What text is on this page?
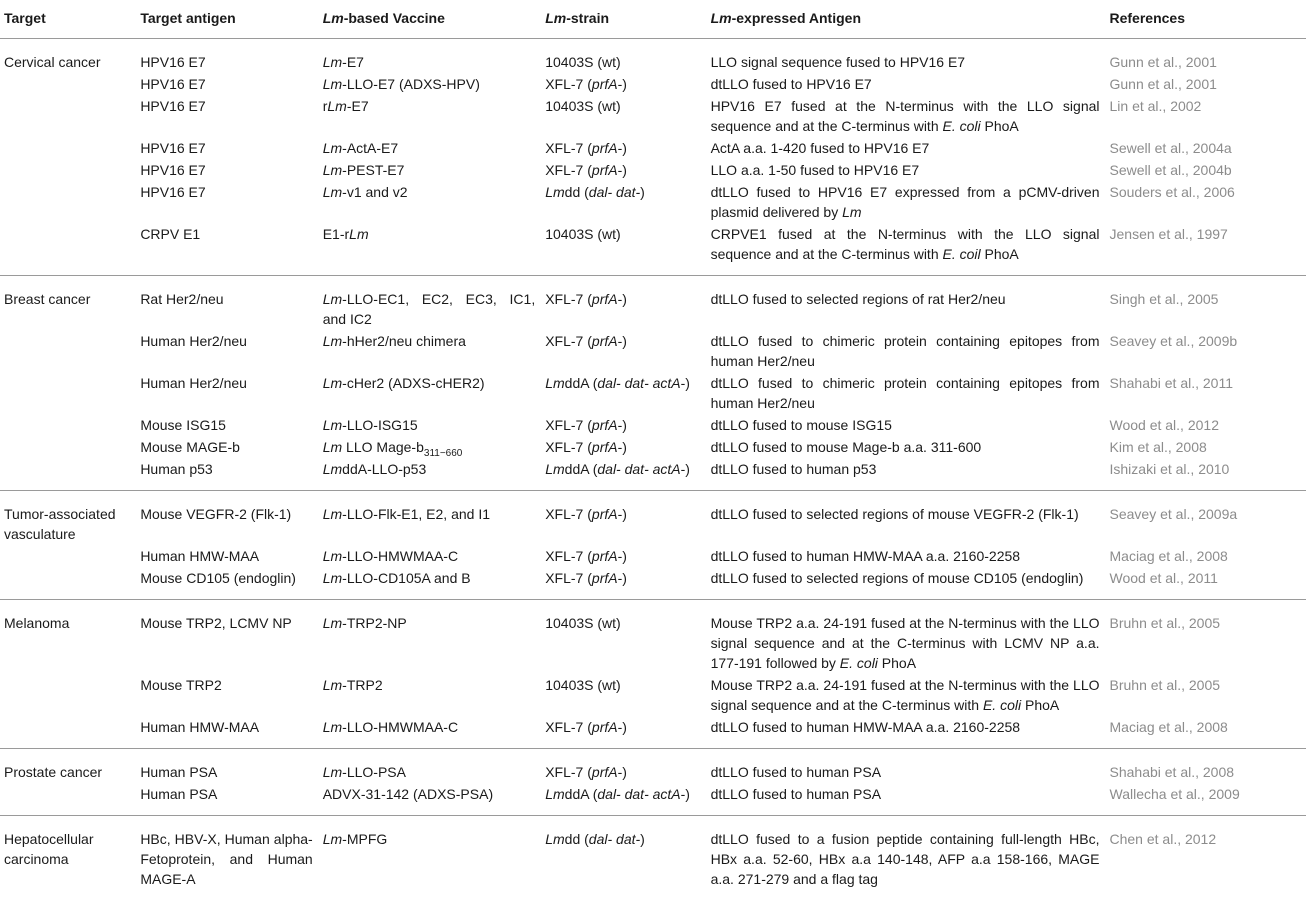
Target	Target antigen	Lm-based Vaccine	Lm-strain	Lm-expressed Antigen	References
Cervical cancer	HPV16 E7	Lm-E7	10403S (wt)	LLO signal sequence fused to HPV16 E7	Gunn et al., 2001
	HPV16 E7	Lm-LLO-E7 (ADXS-HPV)	XFL-7 (prfA-)	dtLLO fused to HPV16 E7	Gunn et al., 2001
	HPV16 E7	rLm-E7	10403S (wt)	HPV16 E7 fused at the N-terminus with the LLO signal sequence and at the C-terminus with E. coli PhoA	Lin et al., 2002
	HPV16 E7	Lm-ActA-E7	XFL-7 (prfA-)	ActA a.a. 1-420 fused to HPV16 E7	Sewell et al., 2004a
	HPV16 E7	Lm-PEST-E7	XFL-7 (prfA-)	LLO a.a. 1-50 fused to HPV16 E7	Sewell et al., 2004b
	HPV16 E7	Lm-v1 and v2	Lmdd (dal- dat-)	dtLLO fused to HPV16 E7 expressed from a pCMV-driven plasmid delivered by Lm	Souders et al., 2006
	CRPV E1	E1-rLm	10403S (wt)	CRPVE1 fused at the N-terminus with the LLO signal sequence and at the C-terminus with E. coil PhoA	Jensen et al., 1997
Breast cancer	Rat Her2/neu	Lm-LLO-EC1, EC2, EC3, IC1, and IC2	XFL-7 (prfA-)	dtLLO fused to selected regions of rat Her2/neu	Singh et al., 2005
	Human Her2/neu	Lm-hHer2/neu chimera	XFL-7 (prfA-)	dtLLO fused to chimeric protein containing epitopes from human Her2/neu	Seavey et al., 2009b
	Human Her2/neu	Lm-cHer2 (ADXS-cHER2)	LmddA (dal- dat- actA-)	dtLLO fused to chimeric protein containing epitopes from human Her2/neu	Shahabi et al., 2011
	Mouse ISG15	Lm-LLO-ISG15	XFL-7 (prfA-)	dtLLO fused to mouse ISG15	Wood et al., 2012
	Mouse MAGE-b	Lm LLO Mage-$b_{311-660}$	XFL-7 (prfA-)	dtLLO fused to mouse Mage-b a.a. 311-600	Kim et al., 2008
	Human p53	LmddA-LLO-p53	LmddA (dal- dat- actA-)	dtLLO fused to human p53	Ishizaki et al., 2010
Tumor-associated vasculature	Mouse VEGFR-2 (Flk-1)	Lm-LLO-Flk-E1, E2, and I1	XFL-7 (prfA-)	dtLLO fused to selected regions of mouse VEGFR-2 (Flk-1)	Seavey et al., 2009a
	Human HMW-MAA	Lm-LLO-HMWMAA-C	XFL-7 (prfA-)	dtLLO fused to human HMW-MAA a.a. 2160-2258	Maciag et al., 2008
	Mouse CD105 (endoglin)	Lm-LLO-CD105A and B	XFL-7 (prfA-)	dtLLO fused to selected regions of mouse CD105 (endoglin)	Wood et al., 2011
Melanoma	Mouse TRP2, LCMV NP	Lm-TRP2-NP	10403S (wt)	Mouse TRP2 a.a. 24-191 fused at the N-terminus with the LLO signal sequence and at the C-terminus with LCMV NP a.a. 177-191 followed by E. coli PhoA	Bruhn et al., 2005
	Mouse TRP2	Lm-TRP2	10403S (wt)	Mouse TRP2 a.a. 24-191 fused at the N-terminus with the LLO signal sequence and at the C-terminus with E. coli PhoA	Bruhn et al., 2005
	Human HMW-MAA	Lm-LLO-HMWMAA-C	XFL-7 (prfA-)	dtLLO fused to human HMW-MAA a.a. 2160-2258	Maciag et al., 2008
Prostate cancer	Human PSA	Lm-LLO-PSA	XFL-7 (prfA-)	dtLLO fused to human PSA	Shahabi et al., 2008
	Human PSA	ADVX-31-142 (ADXS-PSA)	LmddA (dal- dat- actA-)	dtLLO fused to human PSA	Wallecha et al., 2009
Hepatocellular carcinoma	HBc, HBV-X, Human alpha-Fetoprotein, and Human MAGE-A	Lm-MPFG	Lmdd (dal- dat-)	dtLLO fused to a fusion peptide containing full-length HBc, HBx a.a. 52-60, HBx a.a 140-148, AFP a.a 158-166, MAGE a.a. 271-279 and a flag tag	Chen et al., 2012
